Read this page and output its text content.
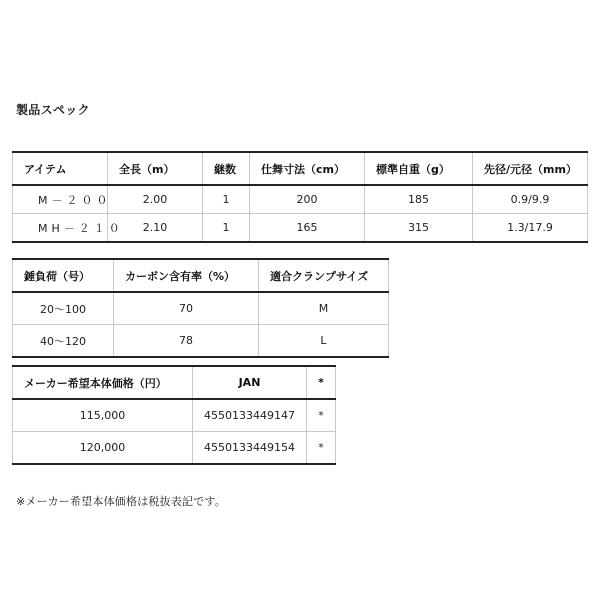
製品スペック
アイテム	全長（m）	継数	仕舞寸法（cm）	標準自重（g）	先径/元径（mm）
M－２００	2.00	1	200	185	0.9/9.9
MH－２１０	2.10	1	165	315	1.3/17.9
錘負荷（号）	カーボン含有率（%）	適合クランプサイズ
20～100	70	M
40～120	78	L
メーカー希望本体価格（円）	JAN	*
115,000	4550133449147	*
120,000	4550133449154	*
※メーカー希望本体価格は税抜表記です。
